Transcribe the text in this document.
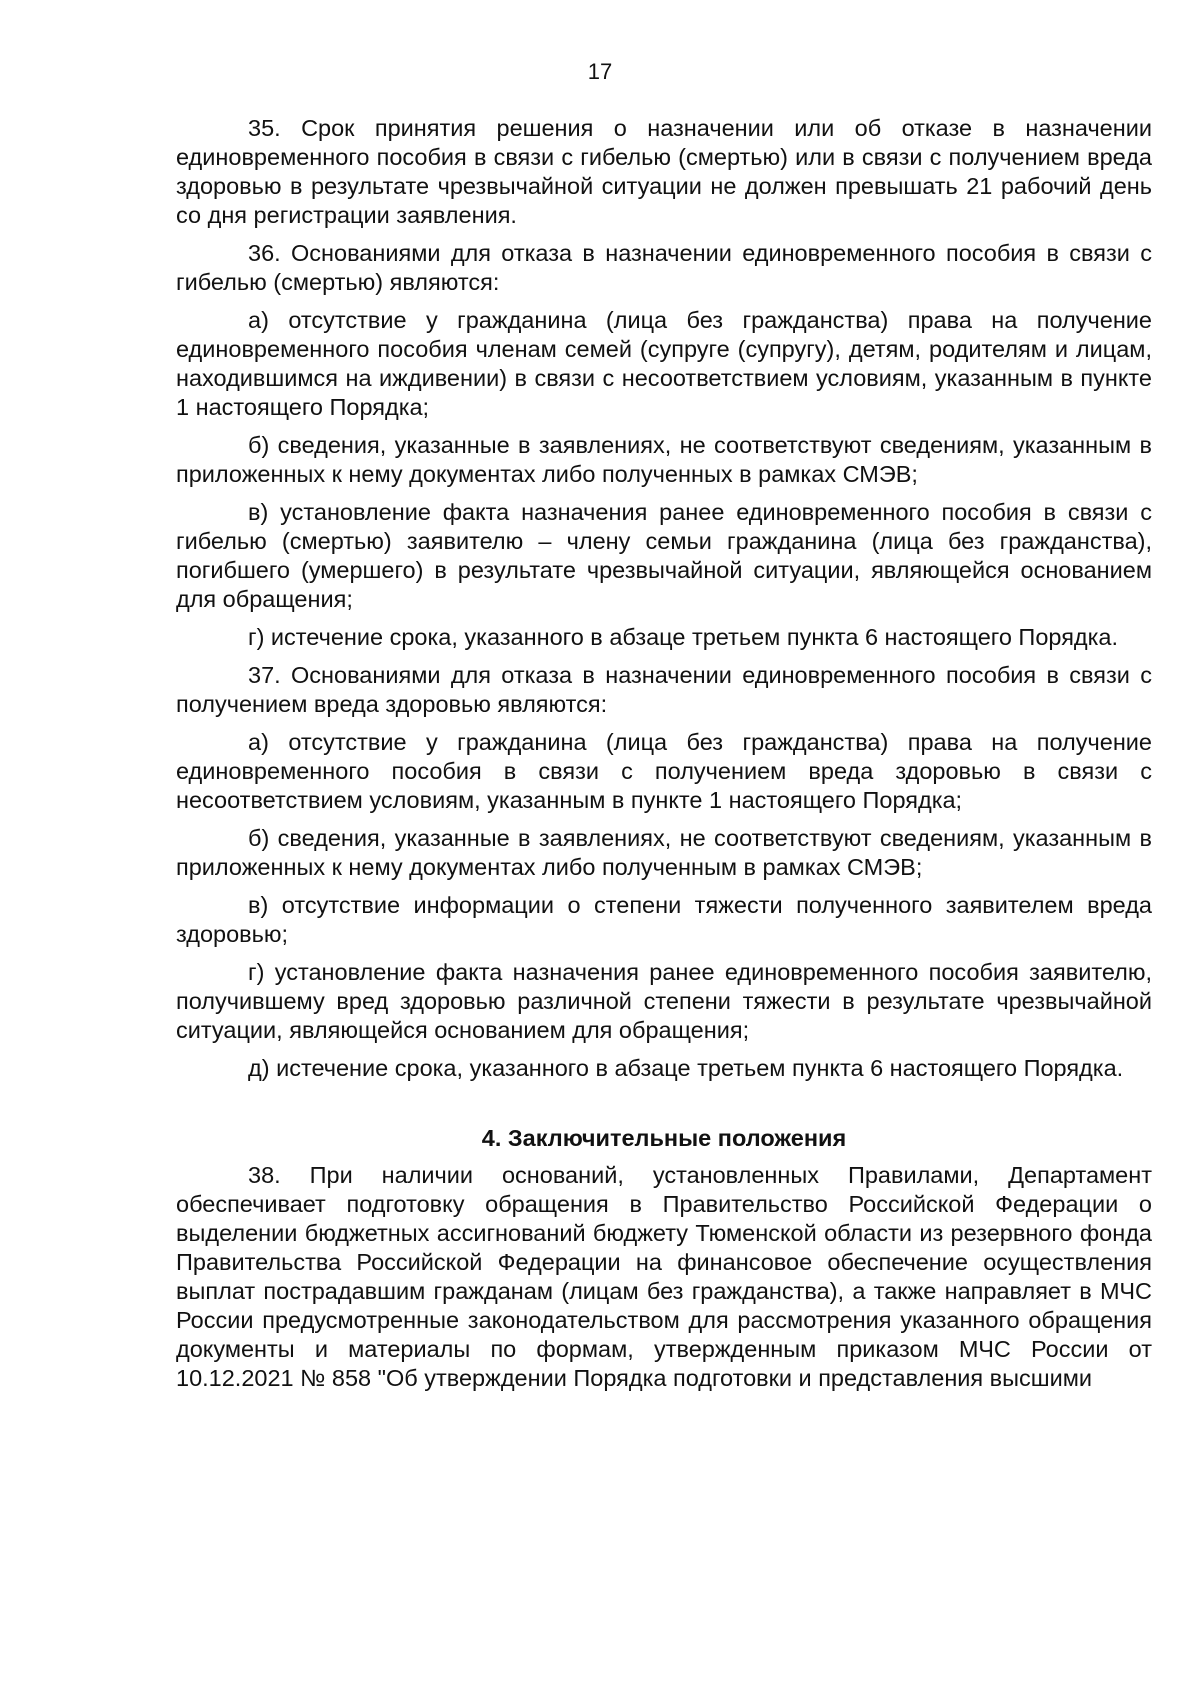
17

35. Срок принятия решения о назначении или об отказе в назначении единовременного пособия в связи с гибелью (смертью) или в связи с получением вреда здоровью в результате чрезвычайной ситуации не должен превышать 21 рабочий день со дня регистрации заявления.

36. Основаниями для отказа в назначении единовременного пособия в связи с гибелью (смертью) являются:

а) отсутствие у гражданина (лица без гражданства) права на получение единовременного пособия членам семей (супруге (супругу), детям, родителям и лицам, находившимся на иждивении) в связи с несоответствием условиям, указанным в пункте 1 настоящего Порядка;

б) сведения, указанные в заявлениях, не соответствуют сведениям, указанным в приложенных к нему документах либо полученных в рамках СМЭВ;

в) установление факта назначения ранее единовременного пособия в связи с гибелью (смертью) заявителю – члену семьи гражданина (лица без гражданства), погибшего (умершего) в результате чрезвычайной ситуации, являющейся основанием для обращения;

г) истечение срока, указанного в абзаце третьем пункта 6 настоящего Порядка.

37. Основаниями для отказа в назначении единовременного пособия в связи с получением вреда здоровью являются:

а) отсутствие у гражданина (лица без гражданства) права на получение единовременного пособия в связи с получением вреда здоровью в связи с несоответствием условиям, указанным в пункте 1 настоящего Порядка;

б) сведения, указанные в заявлениях, не соответствуют сведениям, указанным в приложенных к нему документах либо полученным в рамках СМЭВ;

в) отсутствие информации о степени тяжести полученного заявителем вреда здоровью;

г) установление факта назначения ранее единовременного пособия заявителю, получившему вред здоровью различной степени тяжести в результате чрезвычайной ситуации, являющейся основанием для обращения;

д) истечение срока, указанного в абзаце третьем пункта 6 настоящего Порядка.

4. Заключительные положения

38. При наличии оснований, установленных Правилами, Департамент обеспечивает подготовку обращения в Правительство Российской Федерации о выделении бюджетных ассигнований бюджету Тюменской области из резервного фонда Правительства Российской Федерации на финансовое обеспечение осуществления выплат пострадавшим гражданам (лицам без гражданства), а также направляет в МЧС России предусмотренные законодательством для рассмотрения указанного обращения документы и материалы по формам, утвержденным приказом МЧС России от 10.12.2021 № 858 "Об утверждении Порядка подготовки и представления высшими
